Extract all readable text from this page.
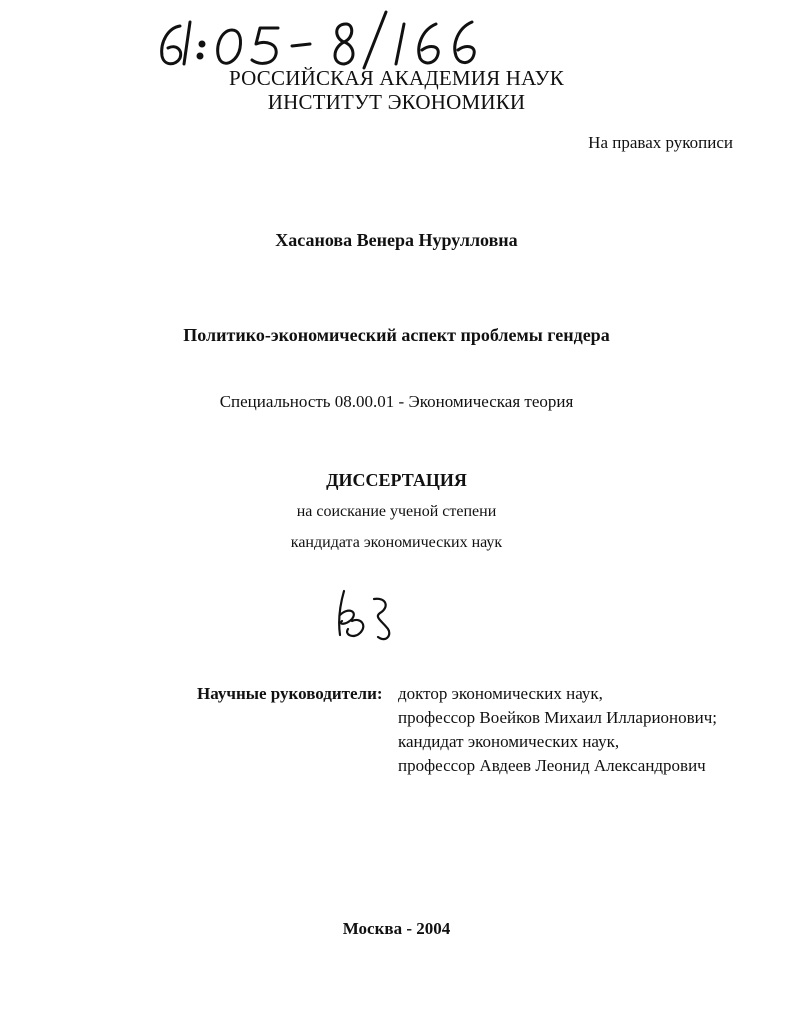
РОССИЙСКАЯ АКАДЕМИЯ НАУК
ИНСТИТУТ ЭКОНОМИКИ
На правах рукописи
Хасанова Венера Нурулловна
Политико-экономический аспект проблемы гендера
Специальность 08.00.01 - Экономическая теория
ДИССЕРТАЦИЯ
на соискание ученой степени
кандидата экономических наук
Научные руководители: доктор экономических наук,
профессор Воейков Михаил Илларионович;
кандидат экономических наук,
профессор Авдеев Леонид Александрович
Москва - 2004
